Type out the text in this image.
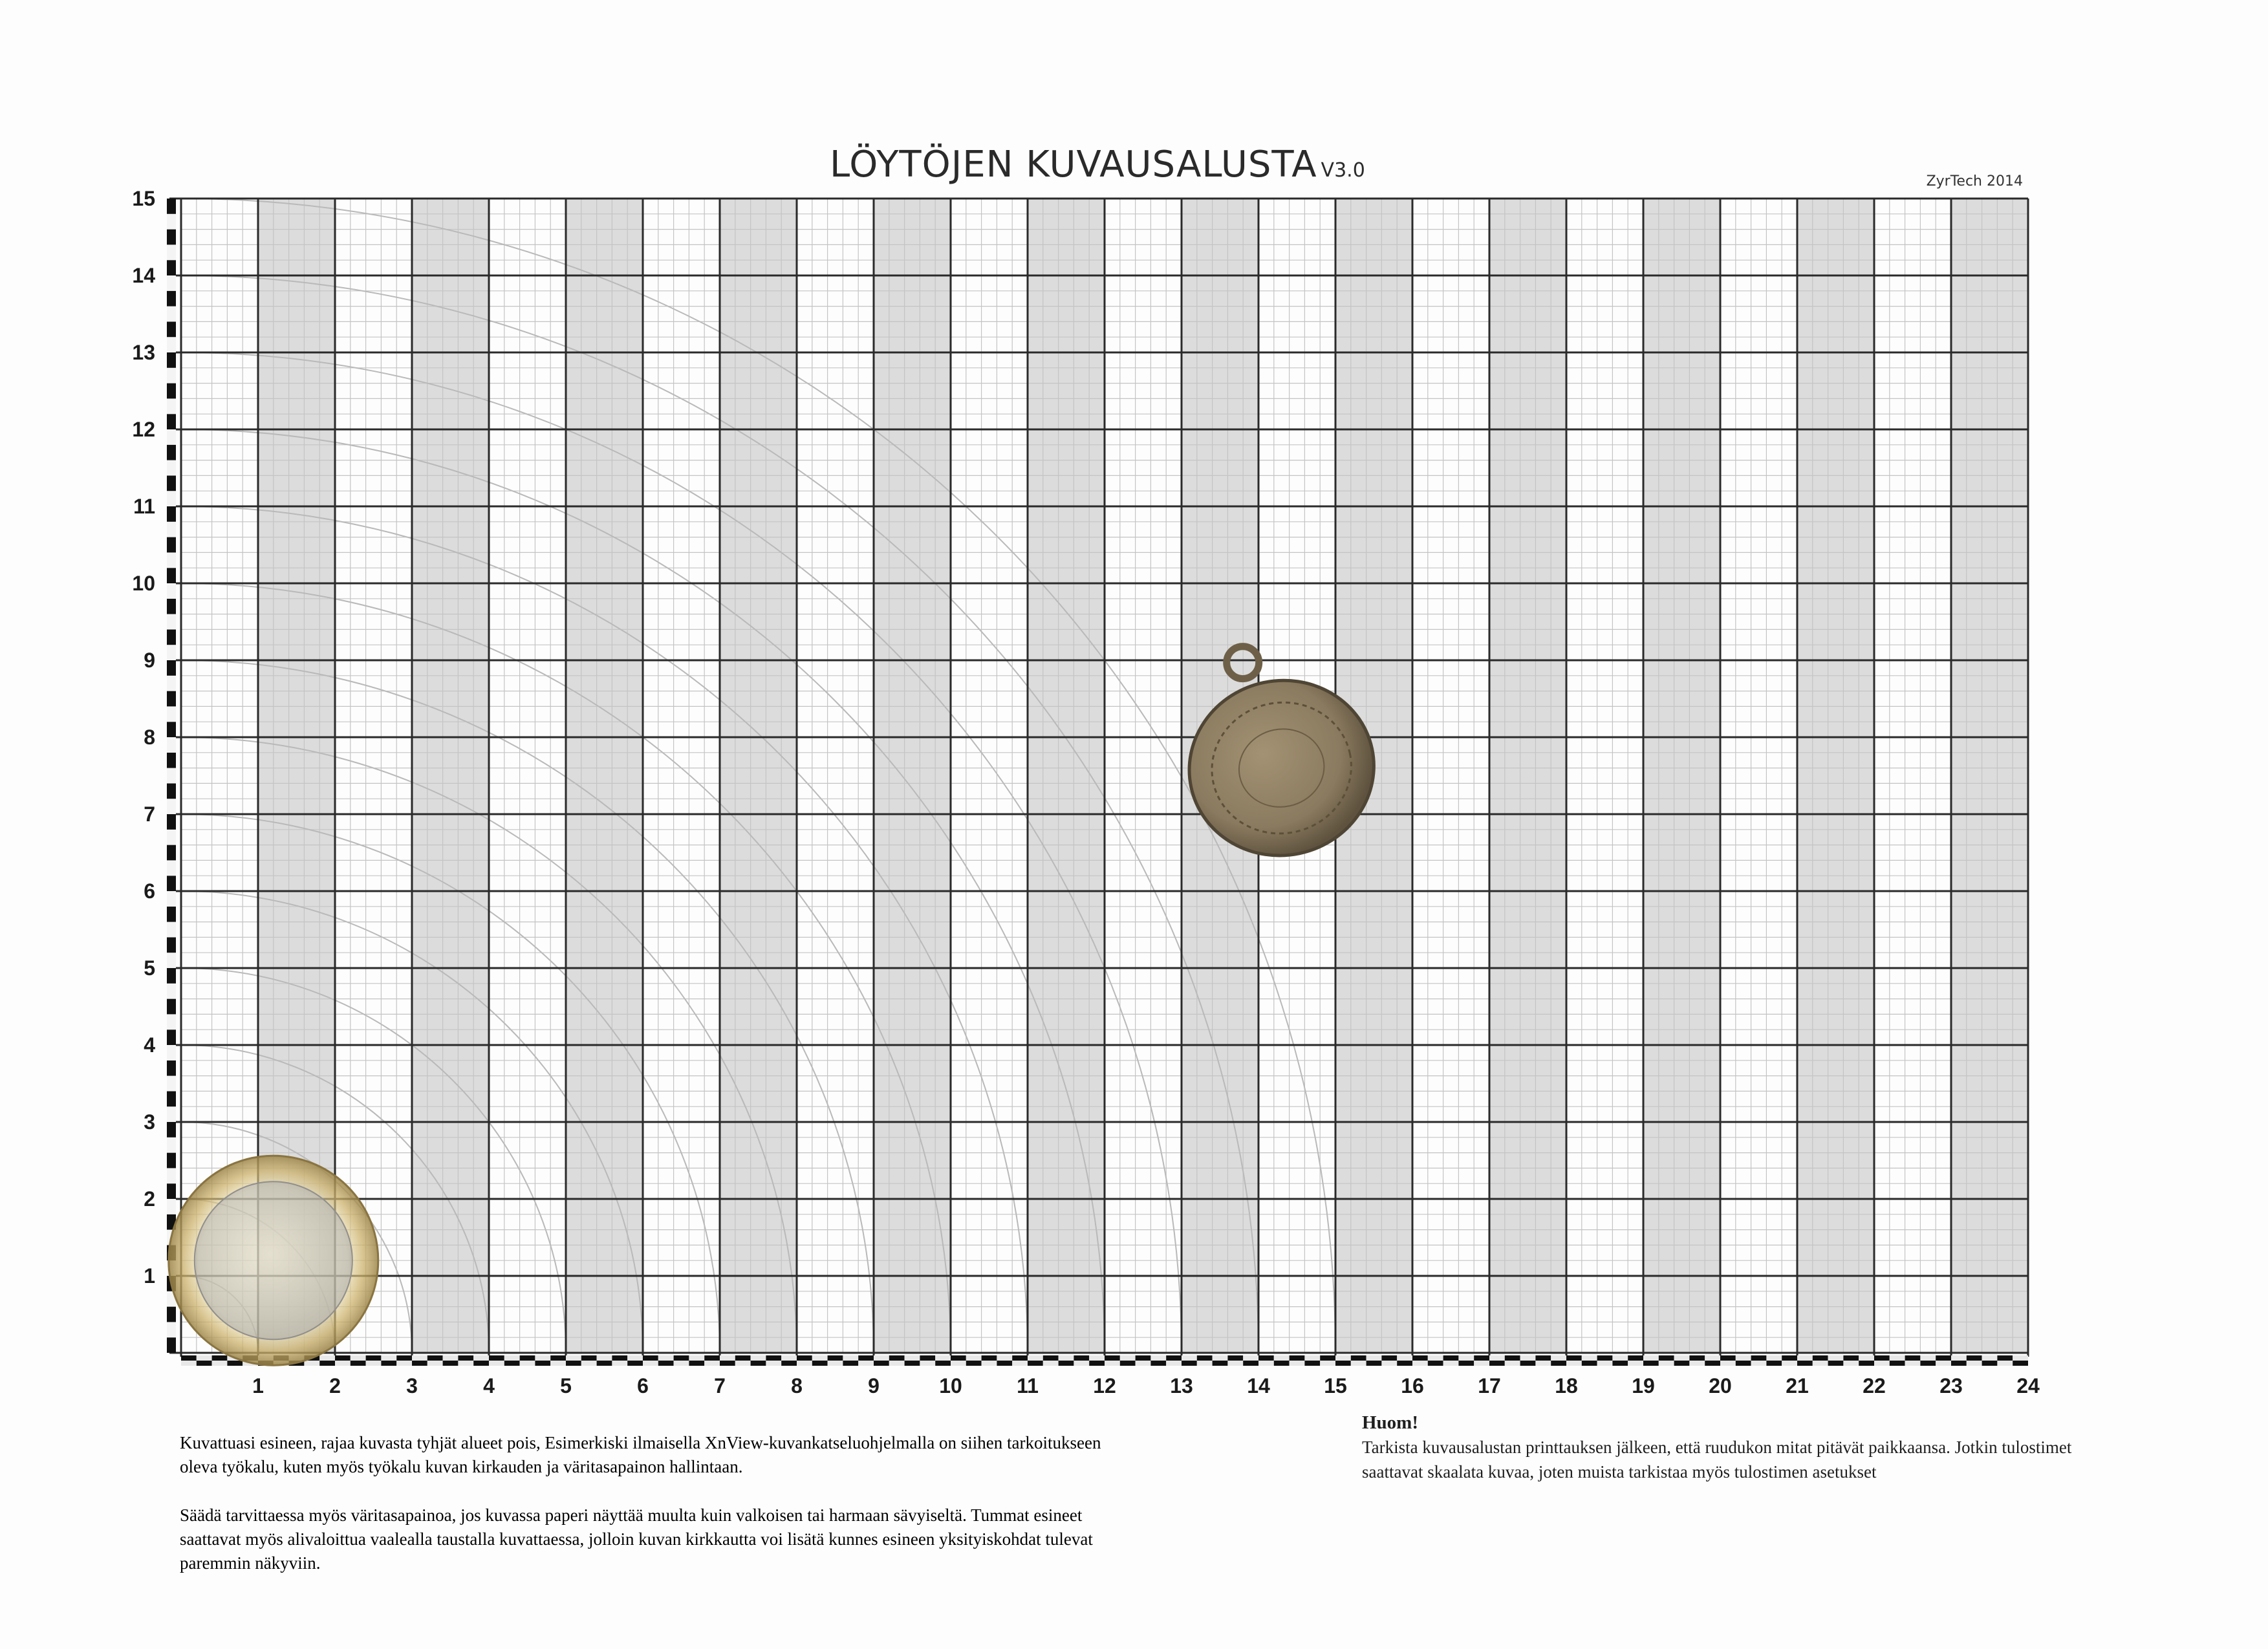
LÖYTÖJEN KUVAUSALUSTA V3.0	ZyrTech 2014
1
2
3
4
5
6
7
8
9
10
11
12
13
14
15
1	2	3	4	5	6	7	8	9	10	11	12	13	14	15	16	17	18	19	20	21	22	23	24

Kuvattuasi esineen, rajaa kuvasta tyhjät alueet pois, Esimerkiski ilmaisella XnView-kuvankatseluohjelmalla on siihen tarkoitukseen oleva työkalu, kuten myös työkalu kuvan kirkauden ja väritasapainon hallintaan.

Säädä tarvittaessa myös väritasapainoa, jos kuvassa paperi näyttää muulta kuin valkoisen tai harmaan sävyiseltä. Tummat esineet saattavat myös alivaloittua vaalealla taustalla kuvattaessa, jolloin kuvan kirkkautta voi lisätä kunnes esineen yksityiskohdat tulevat paremmin näkyviin.

Huom!

Tarkista kuvausalustan printtauksen jälkeen, että ruudukon mitat pitävät paikkaansa. Jotkin tulostimet saattavat skaalata kuvaa, joten muista tarkistaa myös tulostimen asetukset
